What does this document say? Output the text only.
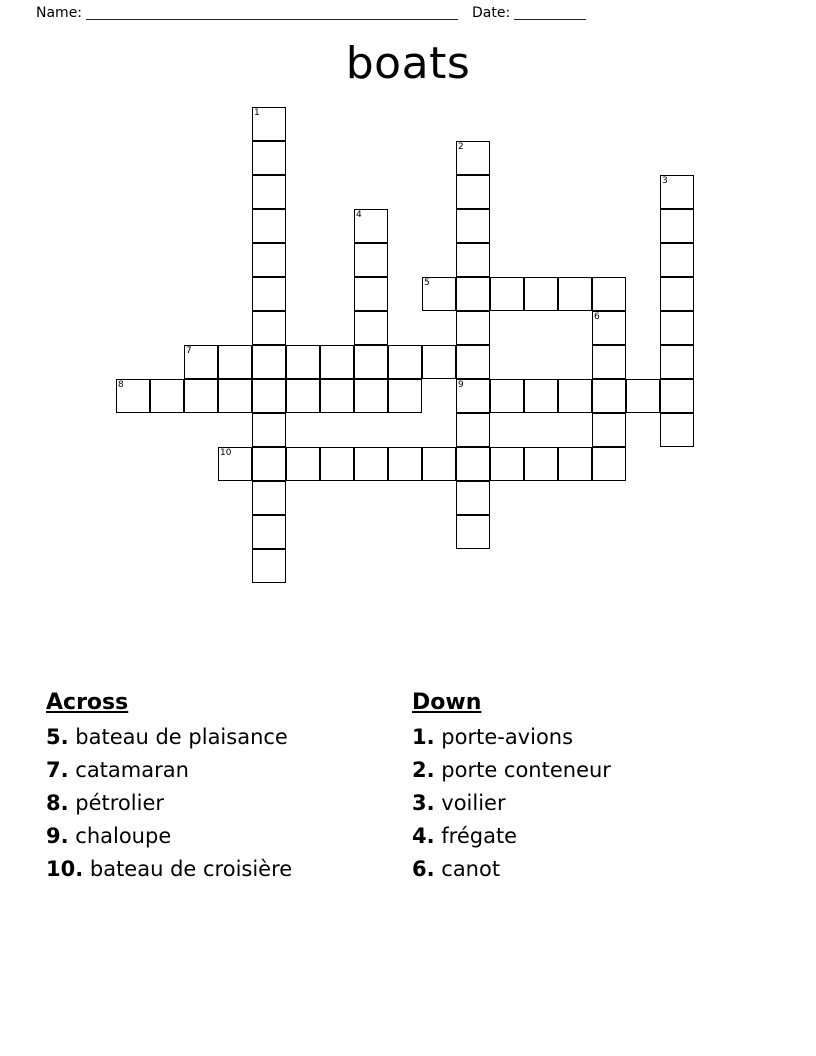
Name:	Date:
boats
1
2
3
4
5
6
7
8	9
10
Across
5. bateau de plaisance
7. catamaran
8. pétrolier
9. chaloupe
10. bateau de croisière
Down
1. porte-avions
2. porte conteneur
3. voilier
4. frégate
6. canot
